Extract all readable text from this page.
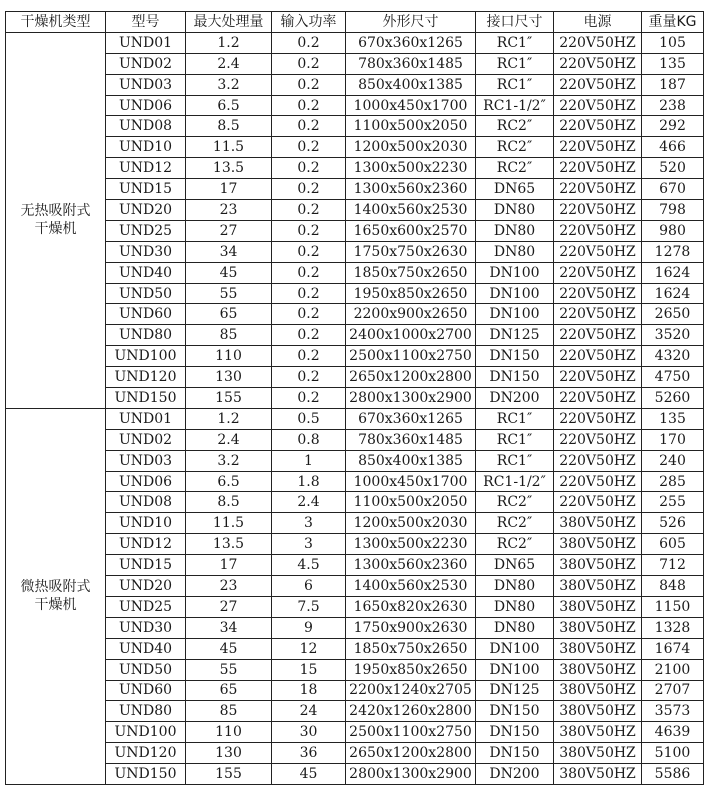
干燥机类型	型号	最大处理量	输入功率	外形尺寸	接口尺寸	电源	重量KG

无热吸附式
干燥机	UND01	1.2	0.2	670x360x1265	RC1″	220V50HZ	105
	UND02	2.4	0.2	780x360x1485	RC1″	220V50HZ	135
	UND03	3.2	0.2	850x400x1385	RC1″	220V50HZ	187
	UND06	6.5	0.2	1000x450x1700	RC1-1/2″	220V50HZ	238
	UND08	8.5	0.2	1100x500x2050	RC2″	220V50HZ	292
	UND10	11.5	0.2	1200x500x2030	RC2″	220V50HZ	466
	UND12	13.5	0.2	1300x500x2230	RC2″	220V50HZ	520
	UND15	17	0.2	1300x560x2360	DN65	220V50HZ	670
	UND20	23	0.2	1400x560x2530	DN80	220V50HZ	798
	UND25	27	0.2	1650x600x2570	DN80	220V50HZ	980
	UND30	34	0.2	1750x750x2630	DN80	220V50HZ	1278
	UND40	45	0.2	1850x750x2650	DN100	220V50HZ	1624
	UND50	55	0.2	1950x850x2650	DN100	220V50HZ	1624
	UND60	65	0.2	2200x900x2650	DN100	220V50HZ	2650
	UND80	85	0.2	2400x1000x2700	DN125	220V50HZ	3520
	UND100	110	0.2	2500x1100x2750	DN150	220V50HZ	4320
	UND120	130	0.2	2650x1200x2800	DN150	220V50HZ	4750
	UND150	155	0.2	2800x1300x2900	DN200	220V50HZ	5260

微热吸附式
干燥机	UND01	1.2	0.5	670x360x1265	RC1″	220V50HZ	135
	UND02	2.4	0.8	780x360x1485	RC1″	220V50HZ	170
	UND03	3.2	1	850x400x1385	RC1″	220V50HZ	240
	UND06	6.5	1.8	1000x450x1700	RC1-1/2″	220V50HZ	285
	UND08	8.5	2.4	1100x500x2050	RC2″	220V50HZ	255
	UND10	11.5	3	1200x500x2030	RC2″	380V50HZ	526
	UND12	13.5	3	1300x500x2230	RC2″	380V50HZ	605
	UND15	17	4.5	1300x560x2360	DN65	380V50HZ	712
	UND20	23	6	1400x560x2530	DN80	380V50HZ	848
	UND25	27	7.5	1650x820x2630	DN80	380V50HZ	1150
	UND30	34	9	1750x900x2630	DN80	380V50HZ	1328
	UND40	45	12	1850x750x2650	DN100	380V50HZ	1674
	UND50	55	15	1950x850x2650	DN100	380V50HZ	2100
	UND60	65	18	2200x1240x2705	DN125	380V50HZ	2707
	UND80	85	24	2420x1260x2800	DN150	380V50HZ	3573
	UND100	110	30	2500x1100x2750	DN150	380V50HZ	4639
	UND120	130	36	2650x1200x2800	DN150	380V50HZ	5100
	UND150	155	45	2800x1300x2900	DN200	380V50HZ	5586
